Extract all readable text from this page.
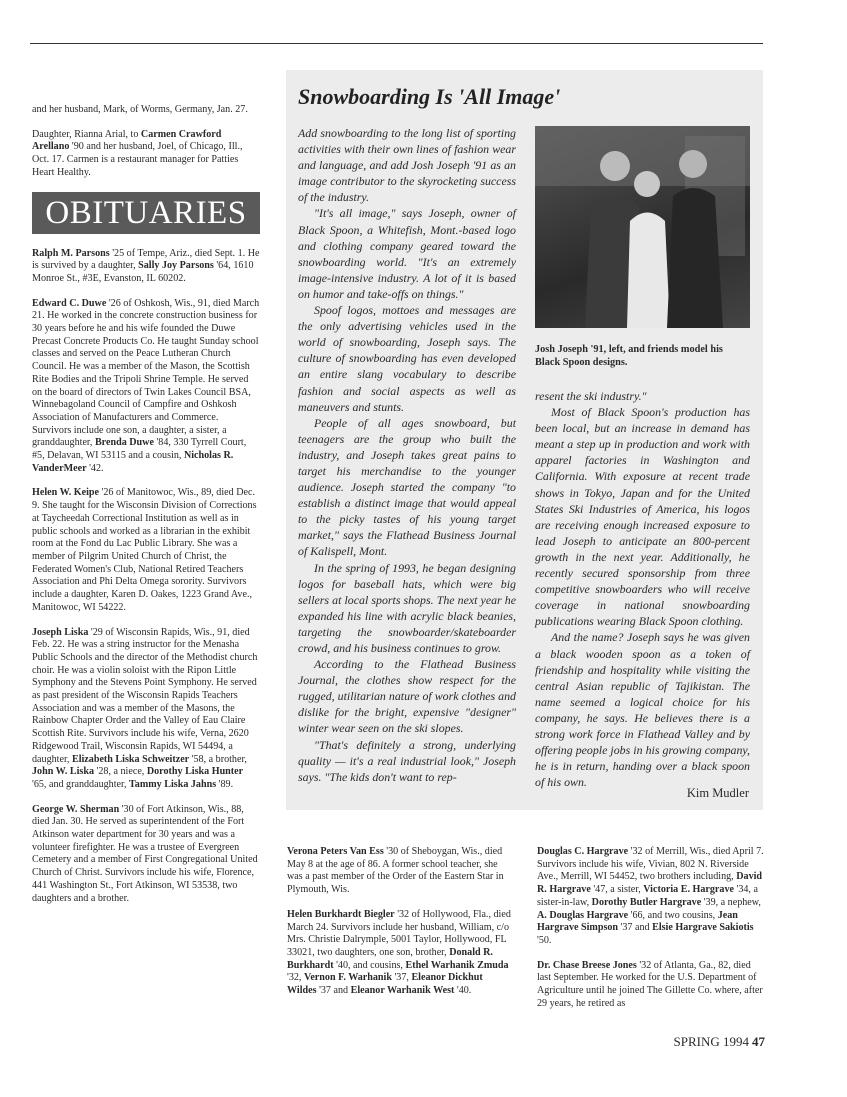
and her husband, Mark, of Worms, Germany, Jan. 27.

Daughter, Rianna Arial, to Carmen Crawford Arellano '90 and her husband, Joel, of Chicago, Ill., Oct. 17. Carmen is a restaurant manager for Patties Heart Healthy.

OBITUARIES

Ralph M. Parsons '25 of Tempe, Ariz., died Sept. 1. He is survived by a daughter, Sally Joy Parsons '64, 1610 Monroe St., #3E, Evanston, IL 60202.

Edward C. Duwe '26 of Oshkosh, Wis., 91, died March 21. He worked in the concrete construction business for 30 years before he and his wife founded the Duwe Precast Concrete Products Co. He taught Sunday school classes and served on the Peace Lutheran Church Council. He was a member of the Mason, the Scottish Rite Bodies and the Tripoli Shrine Temple. He served on the board of directors of Twin Lakes Council BSA, Winnebagoland Council of Campfire and Oshkosh Association of Manufacturers and Commerce. Survivors include one son, a daughter, a sister, a granddaughter, Brenda Duwe '84, 330 Tyrrell Court, #5, Delavan, WI 53115 and a cousin, Nicholas R. VanderMeer '42.

Helen W. Keipe '26 of Manitowoc, Wis., 89, died Dec. 9. She taught for the Wisconsin Division of Corrections at Taycheedah Correctional Institution as well as in public schools and worked as a librarian in the exhibit room at the Fond du Lac Public Library. She was a member of Pilgrim United Church of Christ, the Federated Women's Club, National Retired Teachers Association and Phi Delta Omega sorority. Survivors include a daughter, Karen D. Oakes, 1223 Grand Ave., Manitowoc, WI 54222.

Joseph Liska '29 of Wisconsin Rapids, Wis., 91, died Feb. 22. He was a string instructor for the Menasha Public Schools and the director of the Methodist church choir. He was a violin soloist with the Ripon Little Symphony and the Stevens Point Symphony. He served as past president of the Wisconsin Rapids Teachers Association and was a member of the Masons, the Rainbow Chapter Order and the Valley of Eau Claire Scottish Rite. Survivors include his wife, Verna, 2620 Ridgewood Trail, Wisconsin Rapids, WI 54494, a daughter, Elizabeth Liska Schweitzer '58, a brother, John W. Liska '28, a niece, Dorothy Liska Hunter '65, and granddaughter, Tammy Liska Jahns '89.

George W. Sherman '30 of Fort Atkinson, Wis., 88, died Jan. 30. He served as superintendent of the Fort Atkinson water department for 30 years and was a volunteer firefighter. He was a trustee of Evergreen Cemetery and a member of First Congregational United Church of Christ. Survivors include his wife, Florence, 441 Washington St., Fort Atkinson, WI 53538, two daughters and a brother.

Snowboarding Is 'All Image'

Add snowboarding to the long list of sporting activities with their own lines of fashion wear and language, and add Josh Joseph '91 as an image contributor to the skyrocketing success of the industry.

"It's all image," says Joseph, owner of Black Spoon, a Whitefish, Mont.-based logo and clothing company geared toward the snowboarding world. "It's an extremely image-intensive industry. A lot of it is based on humor and take-offs on things."

Spoof logos, mottoes and messages are the only advertising vehicles used in the world of snowboarding, Joseph says. The culture of snowboarding has even developed an entire slang vocabulary to describe fashion and social aspects as well as maneuvers and stunts.

People of all ages snowboard, but teenagers are the group who built the industry, and Joseph takes great pains to target his merchandise to the younger audience. Joseph started the company "to establish a distinct image that would appeal to the picky tastes of his young target market," says the Flathead Business Journal of Kalispell, Mont.

In the spring of 1993, he began designing logos for baseball hats, which were big sellers at local sports shops. The next year he expanded his line with acrylic black beanies, targeting the snowboarder/skateboarder crowd, and his business continues to grow.

According to the Flathead Business Journal, the clothes show respect for the rugged, utilitarian nature of work clothes and dislike for the bright, expensive "designer" winter wear seen on the ski slopes.

"That's definitely a strong, underlying quality — it's a real industrial look," Joseph says. "The kids don't want to rep-

Josh Joseph '91, left, and friends model his Black Spoon designs.

resent the ski industry."

Most of Black Spoon's production has been local, but an increase in demand has meant a step up in production and work with apparel factories in Washington and California. With exposure at recent trade shows in Tokyo, Japan and for the United States Ski Industries of America, his logos are receiving enough increased exposure to lead Joseph to anticipate an 800-percent growth in the next year. Additionally, he recently secured sponsorship from three competitive snowboarders who will receive coverage in national snowboarding publications wearing Black Spoon clothing.

And the name? Joseph says he was given a black wooden spoon as a token of friendship and hospitality while visiting the central Asian republic of Tajikistan. The name seemed a logical choice for his company, he says. He believes there is a strong work force in Flathead Valley and by offering people jobs in his growing company, he is in return, handing over a black spoon of his own.

Kim Mudler

Verona Peters Van Ess '30 of Sheboygan, Wis., died May 8 at the age of 86. A former school teacher, she was a past member of the Order of the Eastern Star in Plymouth, Wis.

Helen Burkhardt Biegler '32 of Hollywood, Fla., died March 24. Survivors include her husband, William, c/o Mrs. Christie Dalrymple, 5001 Taylor, Hollywood, FL 33021, two daughters, one son, brother, Donald R. Burkhardt '40, and cousins, Ethel Warhanik Zmuda '32, Vernon F. Warhanik '37, Eleanor Dickhut Wildes '37 and Eleanor Warhanik West '40.

Douglas C. Hargrave '32 of Merrill, Wis., died April 7. Survivors include his wife, Vivian, 802 N. Riverside Ave., Merrill, WI 54452, two brothers including, David R. Hargrave '47, a sister, Victoria E. Hargrave '34, a sister-in-law, Dorothy Butler Hargrave '39, a nephew, A. Douglas Hargrave '66, and two cousins, Jean Hargrave Simpson '37 and Elsie Hargrave Sakiotis '50.

Dr. Chase Breese Jones '32 of Atlanta, Ga., 82, died last September. He worked for the U.S. Department of Agriculture until he joined The Gillette Co. where, after 29 years, he retired as

SPRING 1994 47
